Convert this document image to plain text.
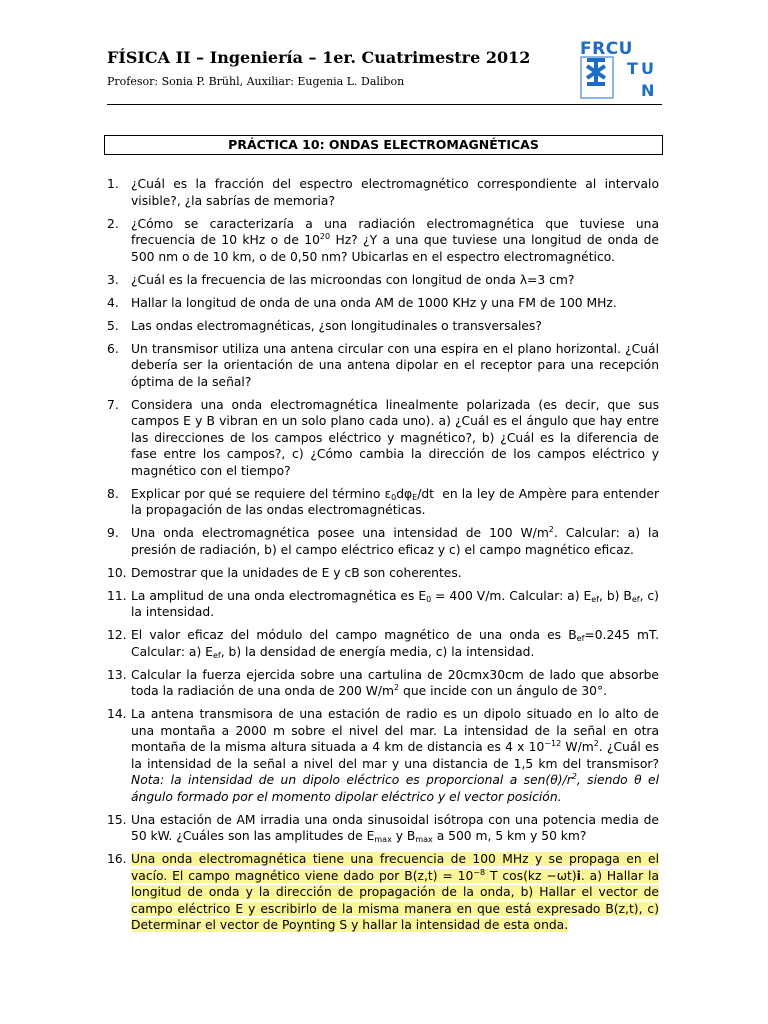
FÍSICA II – Ingeniería – 1er. Cuatrimestre 2012
Profesor: Sonia P. Brühl, Auxiliar: Eugenia L. Dalibon
FRCU
T U
N
PRÁCTICA 10: ONDAS ELECTROMAGNÉTICAS
1. ¿Cuál es la fracción del espectro electromagnético correspondiente al intervalo visible?, ¿la sabrías de memoria?
2. ¿Cómo se caracterizaría a una radiación electromagnética que tuviese una frecuencia de 10 kHz o de $10^{20}$ Hz? ¿Y a una que tuviese una longitud de onda de 500 nm o de 10 km, o de 0,50 nm? Ubicarlas en el espectro electromagnético.
3. ¿Cuál es la frecuencia de las microondas con longitud de onda λ=3 cm?
4. Hallar la longitud de onda de una onda AM de 1000 KHz y una FM de 100 MHz.
5. Las ondas electromagnéticas, ¿son longitudinales o transversales?
6. Un transmisor utiliza una antena circular con una espira en el plano horizontal. ¿Cuál debería ser la orientación de una antena dipolar en el receptor para una recepción óptima de la señal?
7. Considera una onda electromagnética linealmente polarizada (es decir, que sus campos E y B vibran en un solo plano cada uno). a) ¿Cuál es el ángulo que hay entre las direcciones de los campos eléctrico y magnético?, b) ¿Cuál es la diferencia de fase entre los campos?, c) ¿Cómo cambia la dirección de los campos eléctrico y magnético con el tiempo?
8. Explicar por qué se requiere del término $\varepsilon_0d\varphi_E/dt$  en la ley de Ampère para entender la propagación de las ondas electromagnéticas.
9. Una onda electromagnética posee una intensidad de 100 $W/m^2$. Calcular: a) la presión de radiación, b) el campo eléctrico eficaz y c) el campo magnético eficaz.
10. Demostrar que la unidades de E y cB son coherentes.
11. La amplitud de una onda electromagnética es $E_0 = 400$ V/m. Calcular: a) $E_{ef}$, b) $B_{ef}$, c) la intensidad.
12. El valor eficaz del módulo del campo magnético de una onda es $B_{ef}=0.245$ mT. Calcular: a) $E_{ef}$, b) la densidad de energía media, c) la intensidad.
13. Calcular la fuerza ejercida sobre una cartulina de 20cmx30cm de lado que absorbe toda la radiación de una onda de 200 $W/m^2$ que incide con un ángulo de 30°.
14. La antena transmisora de una estación de radio es un dipolo situado en lo alto de una montaña a 2000 m sobre el nivel del mar. La intensidad de la señal en otra montaña de la misma altura situada a 4 km de distancia es 4 x $10^{-12}$ $W/m^2$. ¿Cuál es la intensidad de la señal a nivel del mar y una distancia de 1,5 km del transmisor? Nota: la intensidad de un dipolo eléctrico es proporcional a $sen(\theta)/r^2$, siendo θ el ángulo formado por el momento dipolar eléctrico y el vector posición.
15. Una estación de AM irradia una onda sinusoidal isótropa con una potencia media de 50 kW. ¿Cuáles son las amplitudes de $E_{max}$ y $B_{max}$ a 500 m, 5 km y 50 km?
16. Una onda electromagnética tiene una frecuencia de 100 MHz y se propaga en el vacío. El campo magnético viene dado por $B(z,t) = 10^{-8}$ T cos(kz −ωt)i. a) Hallar la longitud de onda y la dirección de propagación de la onda, b) Hallar el vector de campo eléctrico E y escribirlo de la misma manera en que está expresado B(z,t), c) Determinar el vector de Poynting S y hallar la intensidad de esta onda.
